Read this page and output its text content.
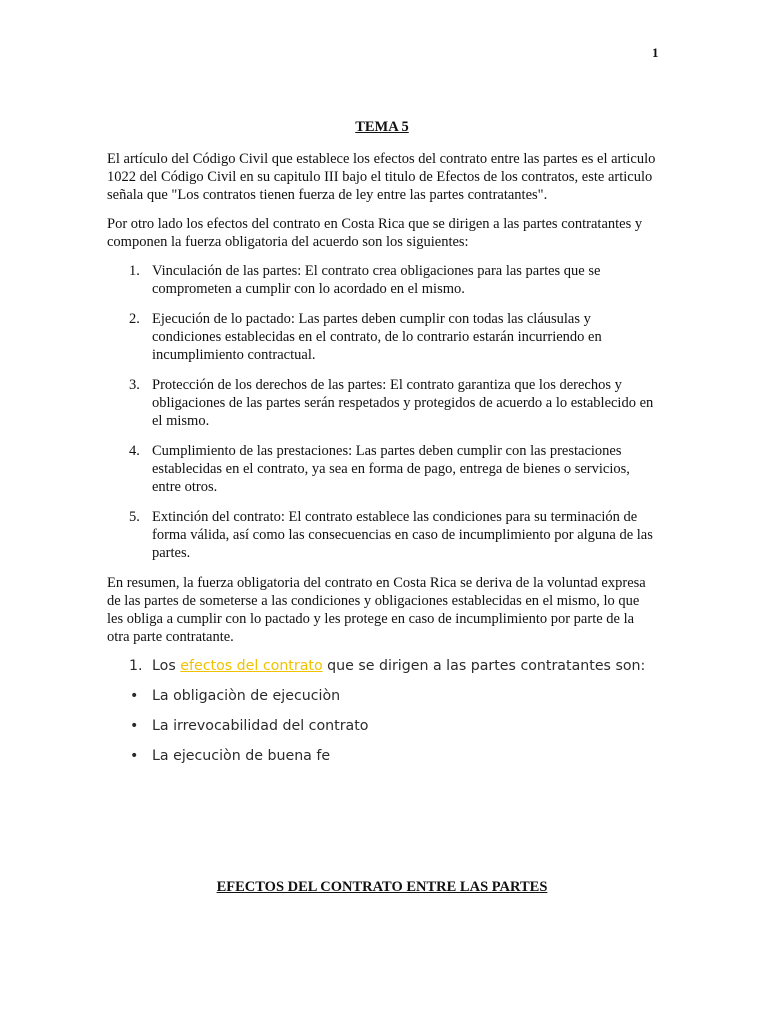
1
TEMA 5

El artículo del Código Civil que establece los efectos del contrato entre las partes es el articulo 1022 del Código Civil en su capitulo III bajo el titulo de Efectos de los contratos, este articulo señala que "Los contratos tienen fuerza de ley entre las partes contratantes".

Por otro lado los efectos del contrato en Costa Rica que se dirigen a las partes contratantes y componen la fuerza obligatoria del acuerdo son los siguientes:

1. Vinculación de las partes: El contrato crea obligaciones para las partes que se comprometen a cumplir con lo acordado en el mismo.
2. Ejecución de lo pactado: Las partes deben cumplir con todas las cláusulas y condiciones establecidas en el contrato, de lo contrario estarán incurriendo en incumplimiento contractual.
3. Protección de los derechos de las partes: El contrato garantiza que los derechos y obligaciones de las partes serán respetados y protegidos de acuerdo a lo establecido en el mismo.
4. Cumplimiento de las prestaciones: Las partes deben cumplir con las prestaciones establecidas en el contrato, ya sea en forma de pago, entrega de bienes o servicios, entre otros.
5. Extinción del contrato: El contrato establece las condiciones para su terminación de forma válida, así como las consecuencias en caso de incumplimiento por alguna de las partes.

En resumen, la fuerza obligatoria del contrato en Costa Rica se deriva de la voluntad expresa de las partes de someterse a las condiciones y obligaciones establecidas en el mismo, lo que les obliga a cumplir con lo pactado y les protege en caso de incumplimiento por parte de la otra parte contratante.

1. Los efectos del contrato que se dirigen a las partes contratantes son:
• La obligaciòn de ejecuciòn
• La irrevocabilidad del contrato
• La ejecuciòn de buena fe
EFECTOS DEL CONTRATO ENTRE LAS PARTES
